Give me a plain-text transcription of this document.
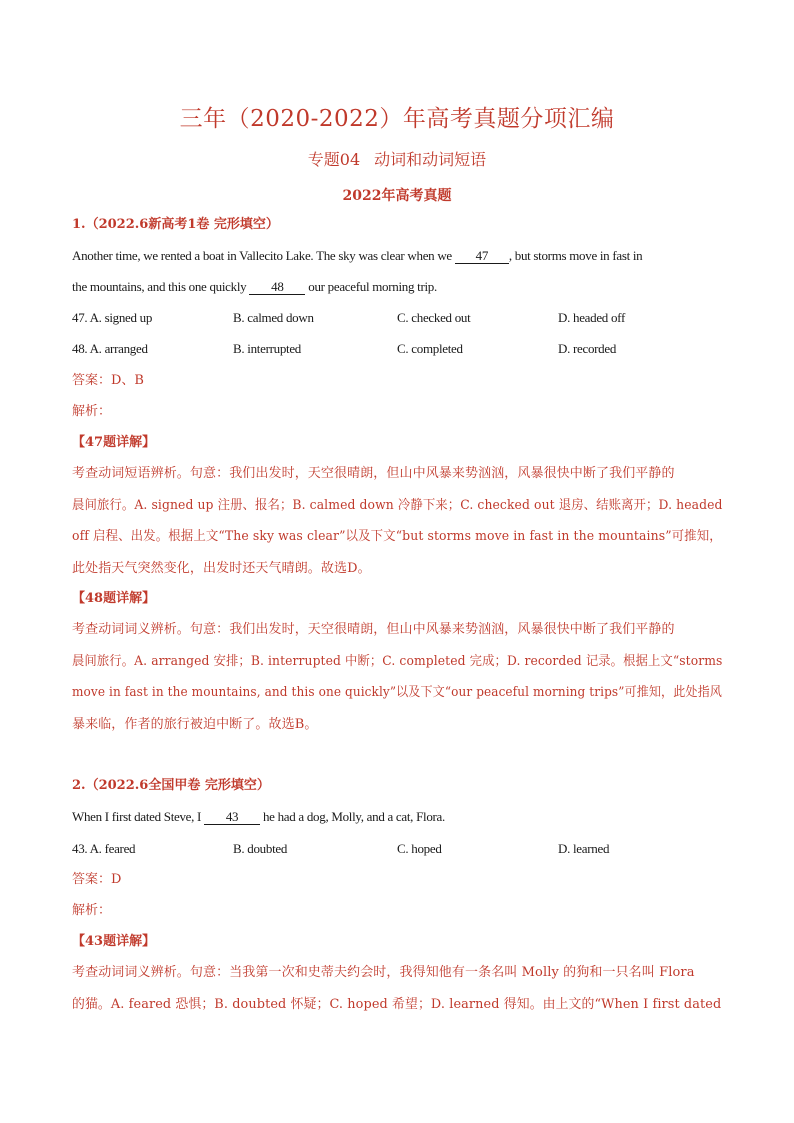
三年（2020-2022）年高考真题分项汇编
专题04 动词和动词短语
2022年高考真题
1.（2022.6新高考1卷 完形填空）
Another time, we rented a boat in Vallecito Lake. The sky was clear when we 47 , but storms move in fast in
the mountains, and this one quickly 48 our peaceful morning trip.
47. A. signed up	B. calmed down	C. checked out	D. headed off
48. A. arranged	B. interrupted	C. completed	D. recorded
答案：D、B
解析：
【47题详解】
考查动词短语辨析。句意：我们出发时，天空很晴朗，但山中风暴来势汹汹，风暴很快中断了我们平静的
晨间旅行。A. signed up 注册、报名；B. calmed down 冷静下来；C. checked out 退房、结账离开；D. headed
off 启程、出发。根据上文“The sky was clear”以及下文“but storms move in fast in the mountains”可推知，
此处指天气突然变化，出发时还天气晴朗。故选D。
【48题详解】
考查动词词义辨析。句意：我们出发时，天空很晴朗，但山中风暴来势汹汹，风暴很快中断了我们平静的
晨间旅行。A. arranged 安排；B. interrupted 中断；C. completed 完成；D. recorded 记录。根据上文“storms
move in fast in the mountains, and this one quickly”以及下文“our peaceful morning trips”可推知，此处指风
暴来临，作者的旅行被迫中断了。故选B。
2.（2022.6全国甲卷 完形填空）
When I first dated Steve, I 43 he had a dog, Molly, and a cat, Flora.
43. A. feared	B. doubted	C. hoped	D. learned
答案：D
解析：
【43题详解】
考查动词词义辨析。句意：当我第一次和史蒂夫约会时，我得知他有一条名叫 Molly 的狗和一只名叫 Flora
的猫。A. feared 恐惧；B. doubted 怀疑；C. hoped 希望；D. learned 得知。由上文的“When I first dated
